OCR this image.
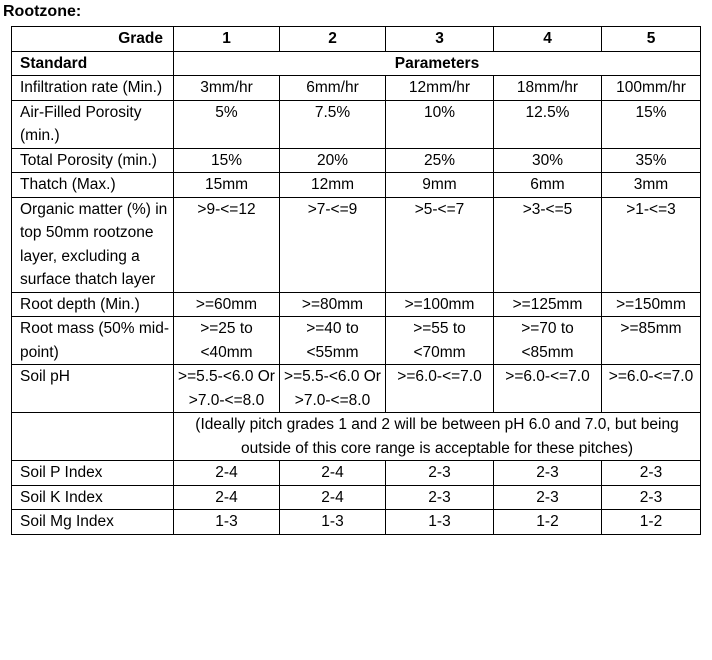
Rootzone:
Grade	1	2	3	4	5
Standard	Parameters				
Infiltration rate (Min.)	3mm/hr	6mm/hr	12mm/hr	18mm/hr	100mm/hr
Air-Filled Porosity (min.)	5%	7.5%	10%	12.5%	15%
Total Porosity (min.)	15%	20%	25%	30%	35%
Thatch (Max.)	15mm	12mm	9mm	6mm	3mm
Organic matter (%) in top 50mm rootzone layer, excluding a surface thatch layer	>9-<=12	>7-<=9	>5-<=7	>3-<=5	>1-<=3
Root depth (Min.)	>=60mm	>=80mm	>=100mm	>=125mm	>=150mm
Root mass (50% mid-point)	>=25 to <40mm	>=40 to <55mm	>=55 to <70mm	>=70 to <85mm	>=85mm
Soil pH	>=5.5-<6.0 Or >7.0-<=8.0	>=5.5-<6.0 Or >7.0-<=8.0	>=6.0-<=7.0	>=6.0-<=7.0	>=6.0-<=7.0
	(Ideally pitch grades 1 and 2 will be between pH 6.0 and 7.0, but being outside of this core range is acceptable for these pitches)				
Soil P Index	2-4	2-4	2-3	2-3	2-3
Soil K Index	2-4	2-4	2-3	2-3	2-3
Soil Mg Index	1-3	1-3	1-3	1-2	1-2
